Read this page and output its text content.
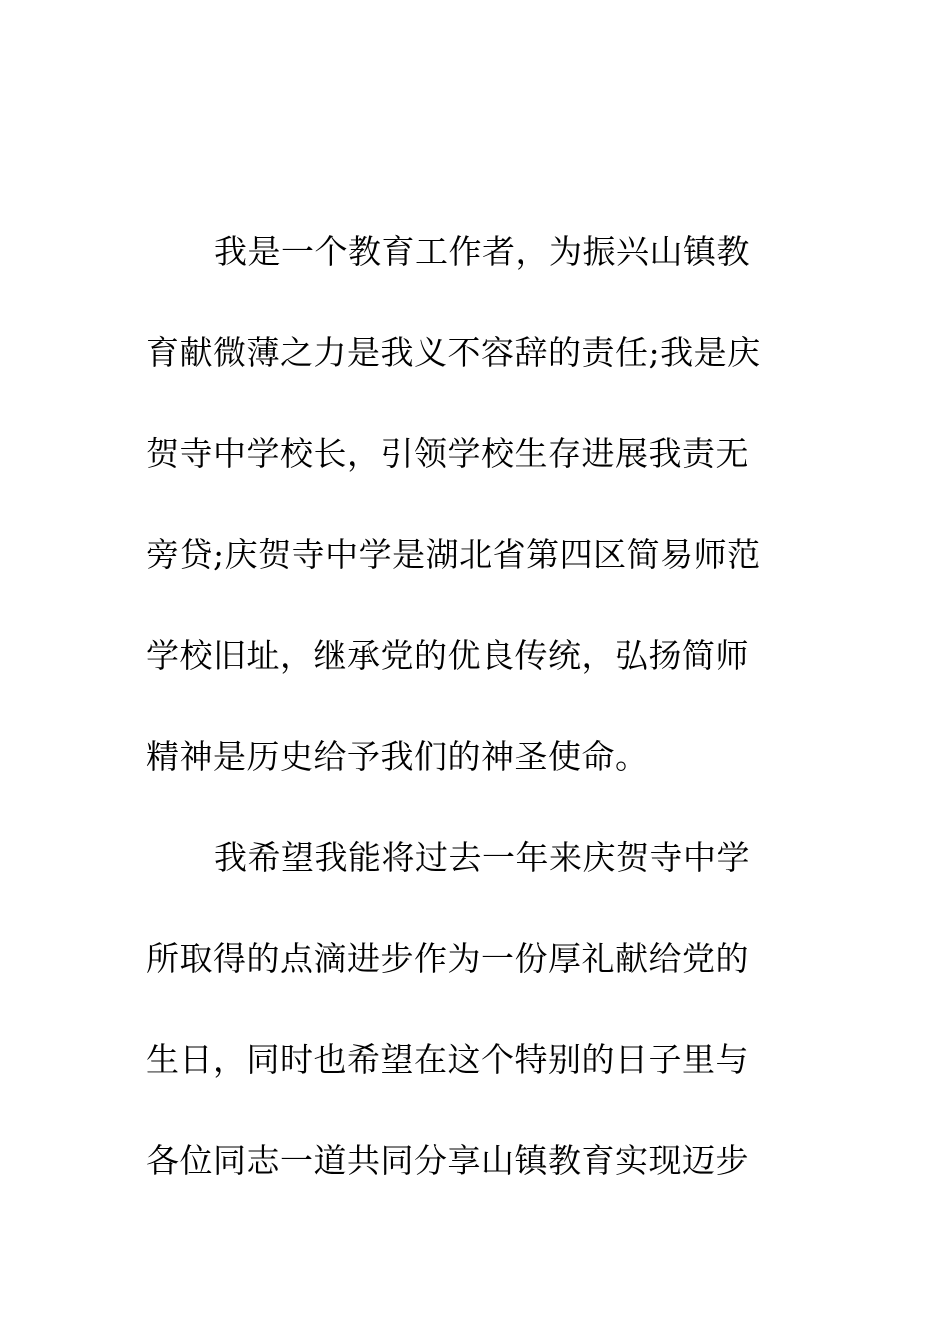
我是一个教育工作者，为振兴山镇教
育献微薄之力是我义不容辞的责任;我是庆
贺寺中学校长，引领学校生存进展我责无
旁贷;庆贺寺中学是湖北省第四区简易师范
学校旧址，继承党的优良传统，弘扬简师
精神是历史给予我们的神圣使命。
我希望我能将过去一年来庆贺寺中学
所取得的点滴进步作为一份厚礼献给党的
生日，同时也希望在这个特别的日子里与
各位同志一道共同分享山镇教育实现迈步
